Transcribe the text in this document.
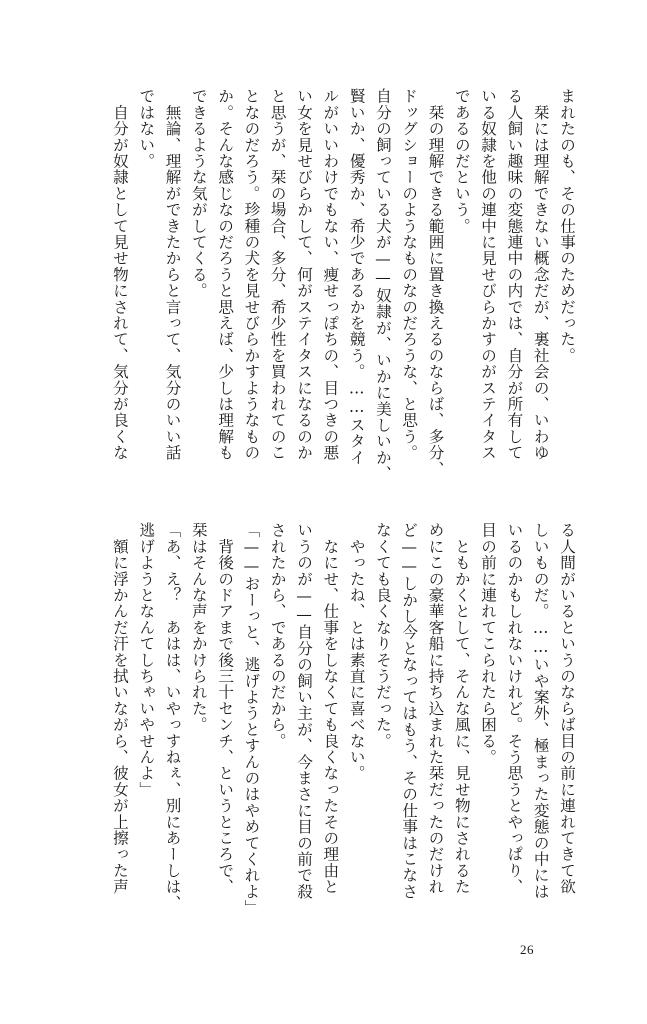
まれたのも、その仕事のためだった。
　栞には理解できない概念だが、裏社会の、いわゆ
る人飼い趣味の変態連中の内では、自分が所有して
いる奴隷を他の連中に見せびらかすのがステイタス
であるのだという。
　栞の理解できる範囲に置き換えるのならば、多分、
ドッグショーのようなものなのだろうな、と思う。
自分の飼っている犬が——奴隷が、いかに美しいか、
賢いか、優秀か、希少であるかを競う。……スタイ
ルがいいわけでもない、痩せっぽちの、目つきの悪
い女を見せびらかして、何がステイタスになるのか
と思うが、栞の場合、多分、希少性を買われてのこ
となのだろう。珍種の犬を見せびらかすようなもの
か。そんな感じなのだろうと思えば、少しは理解も
できるような気がしてくる。
　無論、理解ができたからと言って、気分のいい話
ではない。
　自分が奴隷として見せ物にされて、気分が良くな
る人間がいるというのならば目の前に連れてきて欲
しいものだ。……いや案外、極まった変態の中には
いるのかもしれないけれど。そう思うとやっぱり、
目の前に連れてこられたら困る。
　ともかくとして、そんな風に、見せ物にされるた
めにこの豪華客船に持ち込まれた栞だったのだけれ
ど——しかし今となってはもう、その仕事はこなさ
なくても良くなりそうだった。
　やったね、とは素直に喜べない。
　なにせ、仕事をしなくても良くなったその理由と
いうのが——自分の飼い主が、今まさに目の前で殺
されたから、であるのだから。
「——おーっと、逃げようとすんのはやめてくれよ」
　背後のドアまで後三十センチ、というところで、
栞はそんな声をかけられた。
「あ、え？　あはは、いやっすねぇ、別にあーしは、
逃げようとなんてしちゃいやせんよ」
　額に浮かんだ汗を拭いながら、彼女が上擦った声
26
